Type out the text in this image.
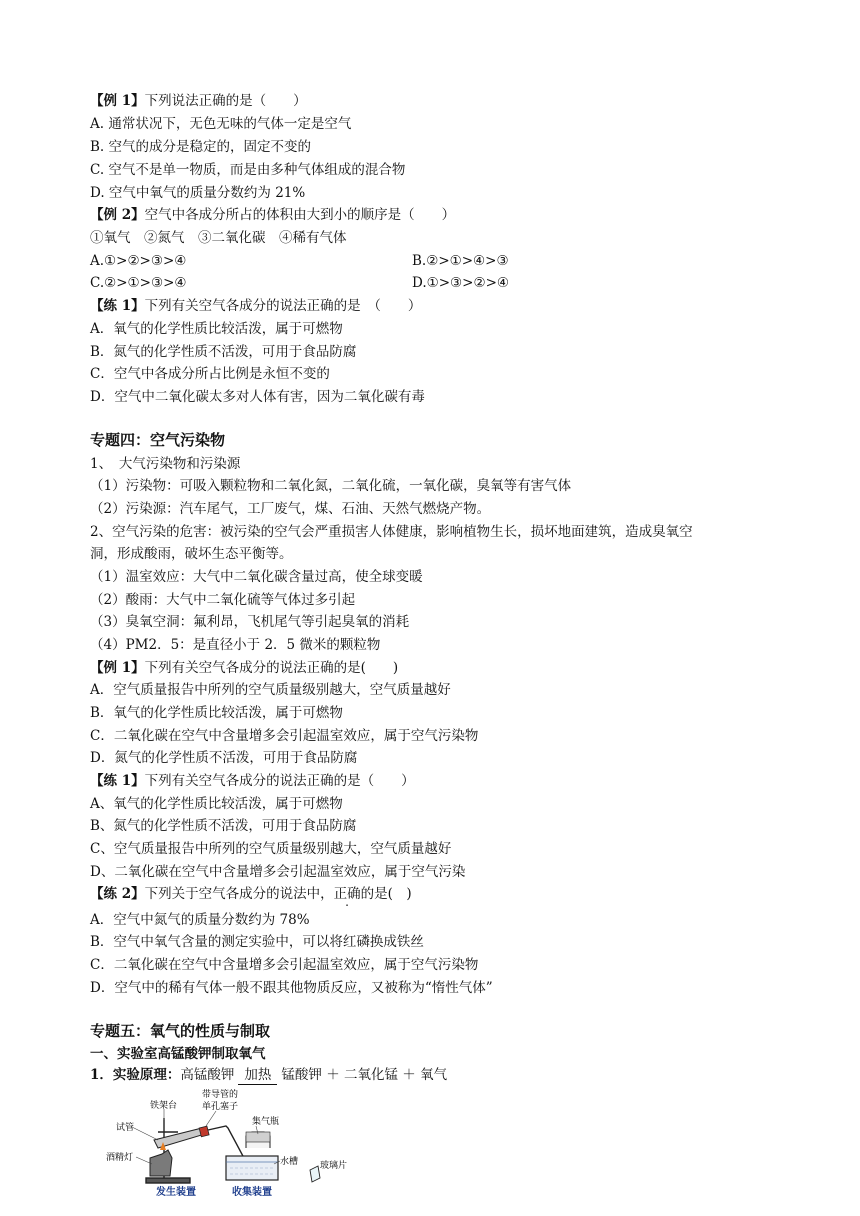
【例 1】下列说法正确的是（　　）
A. 通常状况下，无色无味的气体一定是空气
B. 空气的成分是稳定的，固定不变的
C. 空气不是单一物质，而是由多种气体组成的混合物
D. 空气中氧气的质量分数约为 21%
【例 2】空气中各成分所占的体积由大到小的顺序是（　　）
①氧气　②氮气　③二氧化碳　④稀有气体
A.①>②>③>④	B.②>①>④>③
C.②>①>③>④	D.①>③>②>④
【练 1】下列有关空气各成分的说法正确的是　（　　）
A．氧气的化学性质比较活泼，属于可燃物
B．氮气的化学性质不活泼，可用于食品防腐
C．空气中各成分所占比例是永恒不变的
D．空气中二氧化碳太多对人体有害，因为二氧化碳有毒
专题四：空气污染物
1、　大气污染物和污染源
（1）污染物：可吸入颗粒物和二氧化氮，二氧化硫，一氧化碳，臭氧等有害气体
（2）污染源：汽车尾气，工厂废气，煤、石油、天然气燃烧产物。
2、空气污染的危害：被污染的空气会严重损害人体健康，影响植物生长，损坏地面建筑，造成臭氧空
洞，形成酸雨，破坏生态平衡等。
（1）温室效应：大气中二氧化碳含量过高，使全球变暖
（2）酸雨：大气中二氧化硫等气体过多引起
（3）臭氧空洞：氟利昂，飞机尾气等引起臭氧的消耗
（4）PM2．5：是直径小于 2．5 微米的颗粒物
【例 1】下列有关空气各成分的说法正确的是(　　)
A．空气质量报告中所列的空气质量级别越大，空气质量越好
B．氧气的化学性质比较活泼，属于可燃物
C．二氧化碳在空气中含量增多会引起温室效应，属于空气污染物
D．氮气的化学性质不活泼，可用于食品防腐
【练 1】下列有关空气各成分的说法正确的是（　　）
A、氧气的化学性质比较活泼，属于可燃物
B、氮气的化学性质不活泼，可用于食品防腐
C、空气质量报告中所列的空气质量级别越大，空气质量越好
D、二氧化碳在空气中含量增多会引起温室效应，属于空气污染
【练 2】下列关于空气各成分的说法中，正确的是(　)
A．空气中氮气的质量分数约为 78%
B．空气中氧气含量的测定实验中，可以将红磷换成铁丝
C．二氧化碳在空气中含量增多会引起温室效应，属于空气污染物
D．空气中的稀有气体一般不跟其他物质反应，又被称为“惰性气体”
专题五：氧气的性质与制取
一、实验室高锰酸钾制取氧气
1．实验原理：高锰酸钾 加热 锰酸钾 ＋ 二氧化锰 ＋ 氧气
铁架台
带导管的
单孔塞子
试管
集气瓶
酒精灯	水槽 玻璃片
发生装置	收集装置
